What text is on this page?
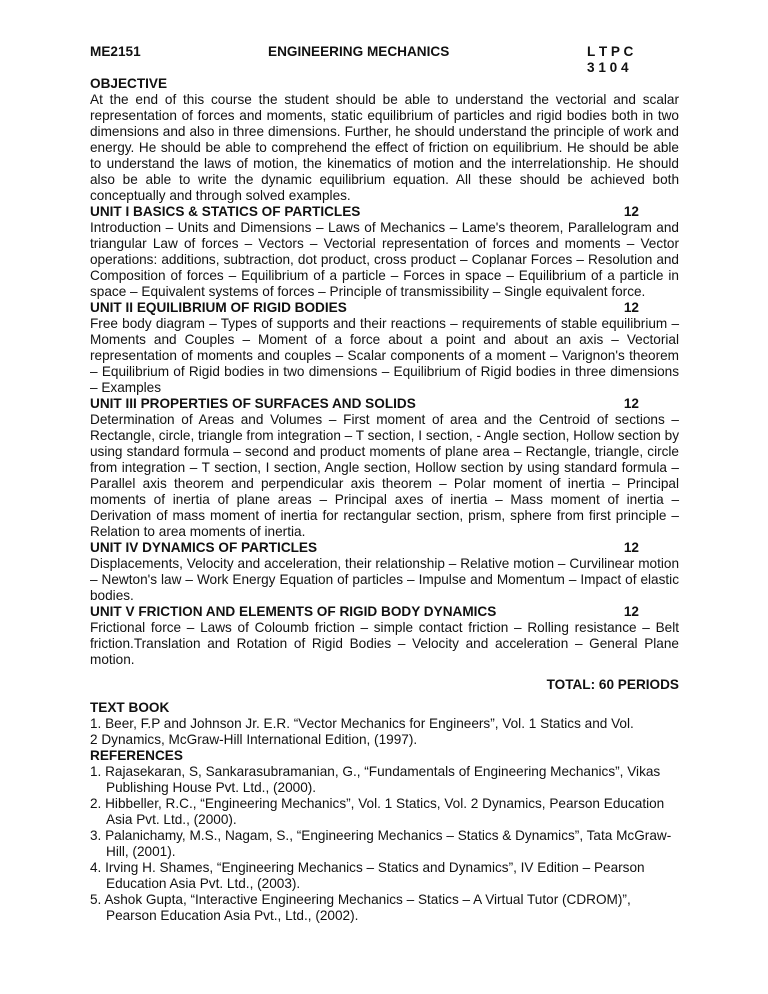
ME2151	ENGINEERING MECHANICS	L T P C
3 1 0 4
OBJECTIVE
At the end of this course the student should be able to understand the vectorial and scalar representation of forces and moments, static equilibrium of particles and rigid bodies both in two dimensions and also in three dimensions. Further, he should understand the principle of work and energy. He should be able to comprehend the effect of friction on equilibrium. He should be able to understand the laws of motion, the kinematics of motion and the interrelationship. He should also be able to write the dynamic equilibrium equation. All these should be achieved both conceptually and through solved examples.
UNIT I BASICS & STATICS OF PARTICLES	12
Introduction – Units and Dimensions – Laws of Mechanics – Lame's theorem, Parallelogram and triangular Law of forces – Vectors – Vectorial representation of forces and moments – Vector operations: additions, subtraction, dot product, cross product – Coplanar Forces – Resolution and Composition of forces – Equilibrium of a particle – Forces in space – Equilibrium of a particle in space – Equivalent systems of forces – Principle of transmissibility – Single equivalent force.
UNIT II EQUILIBRIUM OF RIGID BODIES	12
Free body diagram – Types of supports and their reactions – requirements of stable equilibrium – Moments and Couples – Moment of a force about a point and about an axis – Vectorial representation of moments and couples – Scalar components of a moment – Varignon's theorem – Equilibrium of Rigid bodies in two dimensions – Equilibrium of Rigid bodies in three dimensions – Examples
UNIT III PROPERTIES OF SURFACES AND SOLIDS	12
Determination of Areas and Volumes – First moment of area and the Centroid of sections – Rectangle, circle, triangle from integration – T section, I section, - Angle section, Hollow section by using standard formula – second and product moments of plane area – Rectangle, triangle, circle from integration – T section, I section, Angle section, Hollow section by using standard formula – Parallel axis theorem and perpendicular axis theorem – Polar moment of inertia – Principal moments of inertia of plane areas – Principal axes of inertia – Mass moment of inertia – Derivation of mass moment of inertia for rectangular section, prism, sphere from first principle – Relation to area moments of inertia.
UNIT IV DYNAMICS OF PARTICLES	12
Displacements, Velocity and acceleration, their relationship – Relative motion – Curvilinear motion – Newton's law – Work Energy Equation of particles – Impulse and Momentum – Impact of elastic bodies.
UNIT V FRICTION AND ELEMENTS OF RIGID BODY DYNAMICS	12
Frictional force – Laws of Coloumb friction – simple contact friction – Rolling resistance – Belt friction.Translation and Rotation of Rigid Bodies – Velocity and acceleration – General Plane motion.
TOTAL: 60 PERIODS
TEXT BOOK
1. Beer, F.P and Johnson Jr. E.R. “Vector Mechanics for Engineers”, Vol. 1 Statics and Vol.
2 Dynamics, McGraw-Hill International Edition, (1997).
REFERENCES
1. Rajasekaran, S, Sankarasubramanian, G., “Fundamentals of Engineering Mechanics”, Vikas Publishing House Pvt. Ltd., (2000).
2. Hibbeller, R.C., “Engineering Mechanics”, Vol. 1 Statics, Vol. 2 Dynamics, Pearson Education Asia Pvt. Ltd., (2000).
3. Palanichamy, M.S., Nagam, S., “Engineering Mechanics – Statics & Dynamics”, Tata McGraw-Hill, (2001).
4. Irving H. Shames, “Engineering Mechanics – Statics and Dynamics”, IV Edition – Pearson Education Asia Pvt. Ltd., (2003).
5. Ashok Gupta, “Interactive Engineering Mechanics – Statics – A Virtual Tutor (CDROM)”, Pearson Education Asia Pvt., Ltd., (2002).
